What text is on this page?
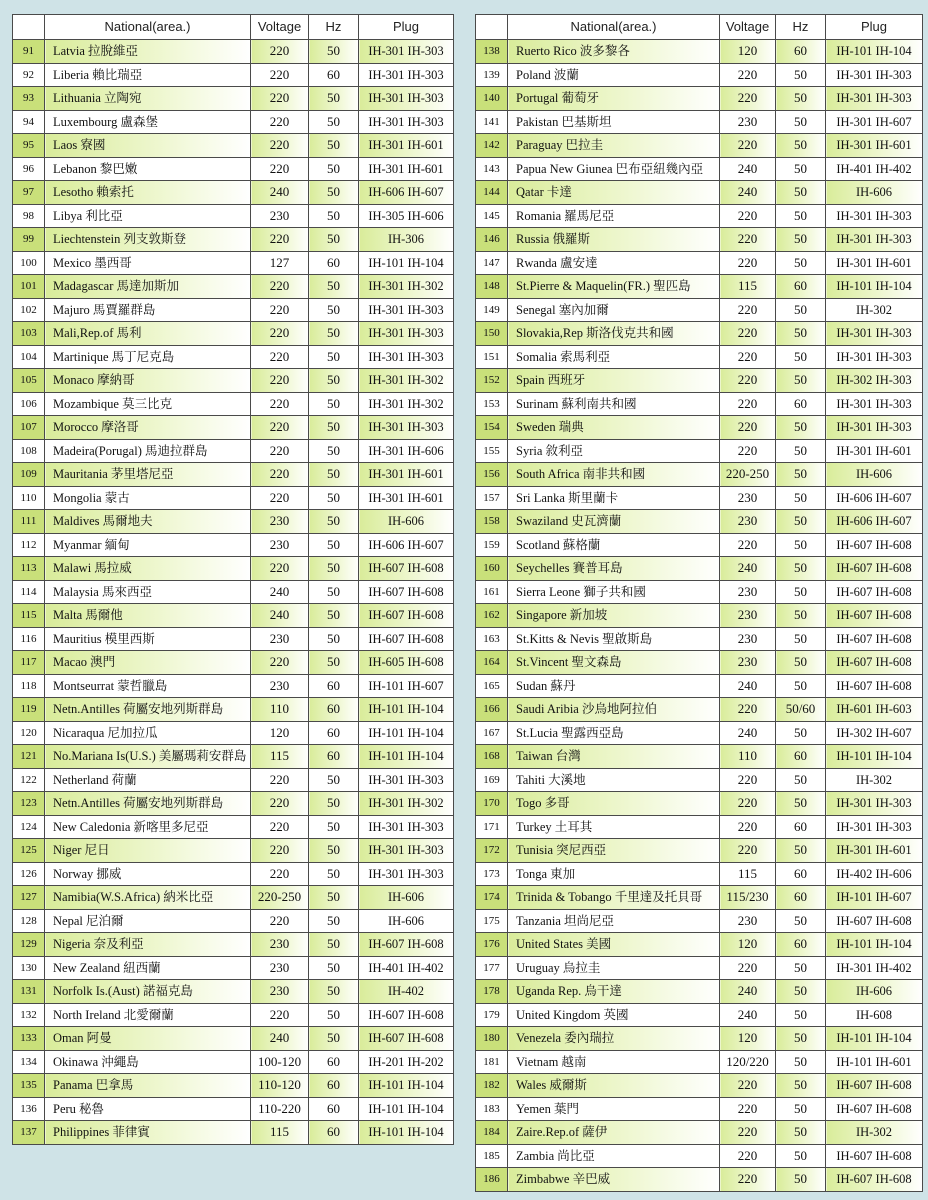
	National(area.)	Voltage	Hz	Plug
91	Latvia 拉脫維亞	220	50	IH-301 IH-303
92	Liberia 賴比瑞亞	220	60	IH-301 IH-303
93	Lithuania 立陶宛	220	50	IH-301 IH-303
94	Luxembourg 盧森堡	220	50	IH-301 IH-303
95	Laos 寮國	220	50	IH-301 IH-601
96	Lebanon 黎巴嫩	220	50	IH-301 IH-601
97	Lesotho 賴索托	240	50	IH-606 IH-607
98	Libya 利比亞	230	50	IH-305 IH-606
99	Liechtenstein 列支敦斯登	220	50	IH-306
100	Mexico 墨西哥	127	60	IH-101 IH-104
101	Madagascar 馬達加斯加	220	50	IH-301 IH-302
102	Majuro 馬賈羅群島	220	50	IH-301 IH-303
103	Mali,Rep.of 馬利	220	50	IH-301 IH-303
104	Martinique 馬丁尼克島	220	50	IH-301 IH-303
105	Monaco 摩納哥	220	50	IH-301 IH-302
106	Mozambique 莫三比克	220	50	IH-301 IH-302
107	Morocco 摩洛哥	220	50	IH-301 IH-303
108	Madeira(Porugal) 馬迪拉群島	220	50	IH-301 IH-606
109	Mauritania 茅里塔尼亞	220	50	IH-301 IH-601
110	Mongolia 蒙古	220	50	IH-301 IH-601
111	Maldives 馬爾地夫	230	50	IH-606
112	Myanmar 緬甸	230	50	IH-606 IH-607
113	Malawi 馬拉威	220	50	IH-607 IH-608
114	Malaysia 馬來西亞	240	50	IH-607 IH-608
115	Malta 馬爾他	240	50	IH-607 IH-608
116	Mauritius 模里西斯	230	50	IH-607 IH-608
117	Macao 澳門	220	50	IH-605 IH-608
118	Montseurrat 蒙哲臘島	230	60	IH-101 IH-607
119	Netn.Antilles 荷屬安地列斯群島	110	60	IH-101 IH-104
120	Nicaraqua 尼加拉瓜	120	60	IH-101 IH-104
121	No.Mariana Is(U.S.) 美屬瑪莉安群島	115	60	IH-101 IH-104
122	Netherland 荷蘭	220	50	IH-301 IH-303
123	Netn.Antilles 荷屬安地列斯群島	220	50	IH-301 IH-302
124	New Caledonia 新喀里多尼亞	220	50	IH-301 IH-303
125	Niger 尼日	220	50	IH-301 IH-303
126	Norway 挪威	220	50	IH-301 IH-303
127	Namibia(W.S.Africa) 納米比亞	220-250	50	IH-606
128	Nepal 尼泊爾	220	50	IH-606
129	Nigeria 奈及利亞	230	50	IH-607 IH-608
130	New Zealand 紐西蘭	230	50	IH-401 IH-402
131	Norfolk Is.(Aust) 諾福克島	230	50	IH-402
132	North Ireland 北愛爾蘭	220	50	IH-607 IH-608
133	Oman 阿曼	240	50	IH-607 IH-608
134	Okinawa 沖繩島	100-120	60	IH-201 IH-202
135	Panama 巴拿馬	110-120	60	IH-101 IH-104
136	Peru 秘魯	110-220	60	IH-101 IH-104
137	Philippines 菲律賓	115	60	IH-101 IH-104
	National(area.)	Voltage	Hz	Plug
138	Ruerto Rico 波多黎各	120	60	IH-101 IH-104
139	Poland 波蘭	220	50	IH-301 IH-303
140	Portugal 葡萄牙	220	50	IH-301 IH-303
141	Pakistan 巴基斯坦	230	50	IH-301 IH-607
142	Paraguay 巴拉圭	220	50	IH-301 IH-601
143	Papua New Giunea 巴布亞紐幾內亞	240	50	IH-401 IH-402
144	Qatar 卡達	240	50	IH-606
145	Romania 羅馬尼亞	220	50	IH-301 IH-303
146	Russia 俄羅斯	220	50	IH-301 IH-303
147	Rwanda 盧安達	220	50	IH-301 IH-601
148	St.Pierre & Maquelin(FR.) 聖匹島	115	60	IH-101 IH-104
149	Senegal 塞內加爾	220	50	IH-302
150	Slovakia,Rep 斯洛伐克共和國	220	50	IH-301 IH-303
151	Somalia 索馬利亞	220	50	IH-301 IH-303
152	Spain 西班牙	220	50	IH-302 IH-303
153	Surinam 蘇利南共和國	220	60	IH-301 IH-303
154	Sweden 瑞典	220	50	IH-301 IH-303
155	Syria 敘利亞	220	50	IH-301 IH-601
156	South Africa 南非共和國	220-250	50	IH-606
157	Sri Lanka 斯里蘭卡	230	50	IH-606 IH-607
158	Swaziland 史瓦濟蘭	230	50	IH-606 IH-607
159	Scotland 蘇格蘭	220	50	IH-607 IH-608
160	Seychelles 賽普耳島	240	50	IH-607 IH-608
161	Sierra Leone 獅子共和國	230	50	IH-607 IH-608
162	Singapore 新加坡	230	50	IH-607 IH-608
163	St.Kitts & Nevis 聖啟斯島	230	50	IH-607 IH-608
164	St.Vincent 聖文森島	230	50	IH-607 IH-608
165	Sudan 蘇丹	240	50	IH-607 IH-608
166	Saudi Aribia 沙烏地阿拉伯	220	50/60	IH-601 IH-603
167	St.Lucia 聖露西亞島	240	50	IH-302 IH-607
168	Taiwan 台灣	110	60	IH-101 IH-104
169	Tahiti 大溪地	220	50	IH-302
170	Togo 多哥	220	50	IH-301 IH-303
171	Turkey 土耳其	220	60	IH-301 IH-303
172	Tunisia 突尼西亞	220	50	IH-301 IH-601
173	Tonga 東加	115	60	IH-402 IH-606
174	Trinida & Tobango 千里達及托貝哥	115/230	60	IH-101 IH-607
175	Tanzania 坦尚尼亞	230	50	IH-607 IH-608
176	United States 美國	120	60	IH-101 IH-104
177	Uruguay 烏拉圭	220	50	IH-301 IH-402
178	Uganda Rep. 烏干達	240	50	IH-606
179	United Kingdom 英國	240	50	IH-608
180	Venezela 委內瑞拉	120	50	IH-101 IH-104
181	Vietnam 越南	120/220	50	IH-101 IH-601
182	Wales 威爾斯	220	50	IH-607 IH-608
183	Yemen 葉門	220	50	IH-607 IH-608
184	Zaire.Rep.of 薩伊	220	50	IH-302
185	Zambia 尚比亞	220	50	IH-607 IH-608
186	Zimbabwe 辛巴威	220	50	IH-607 IH-608
